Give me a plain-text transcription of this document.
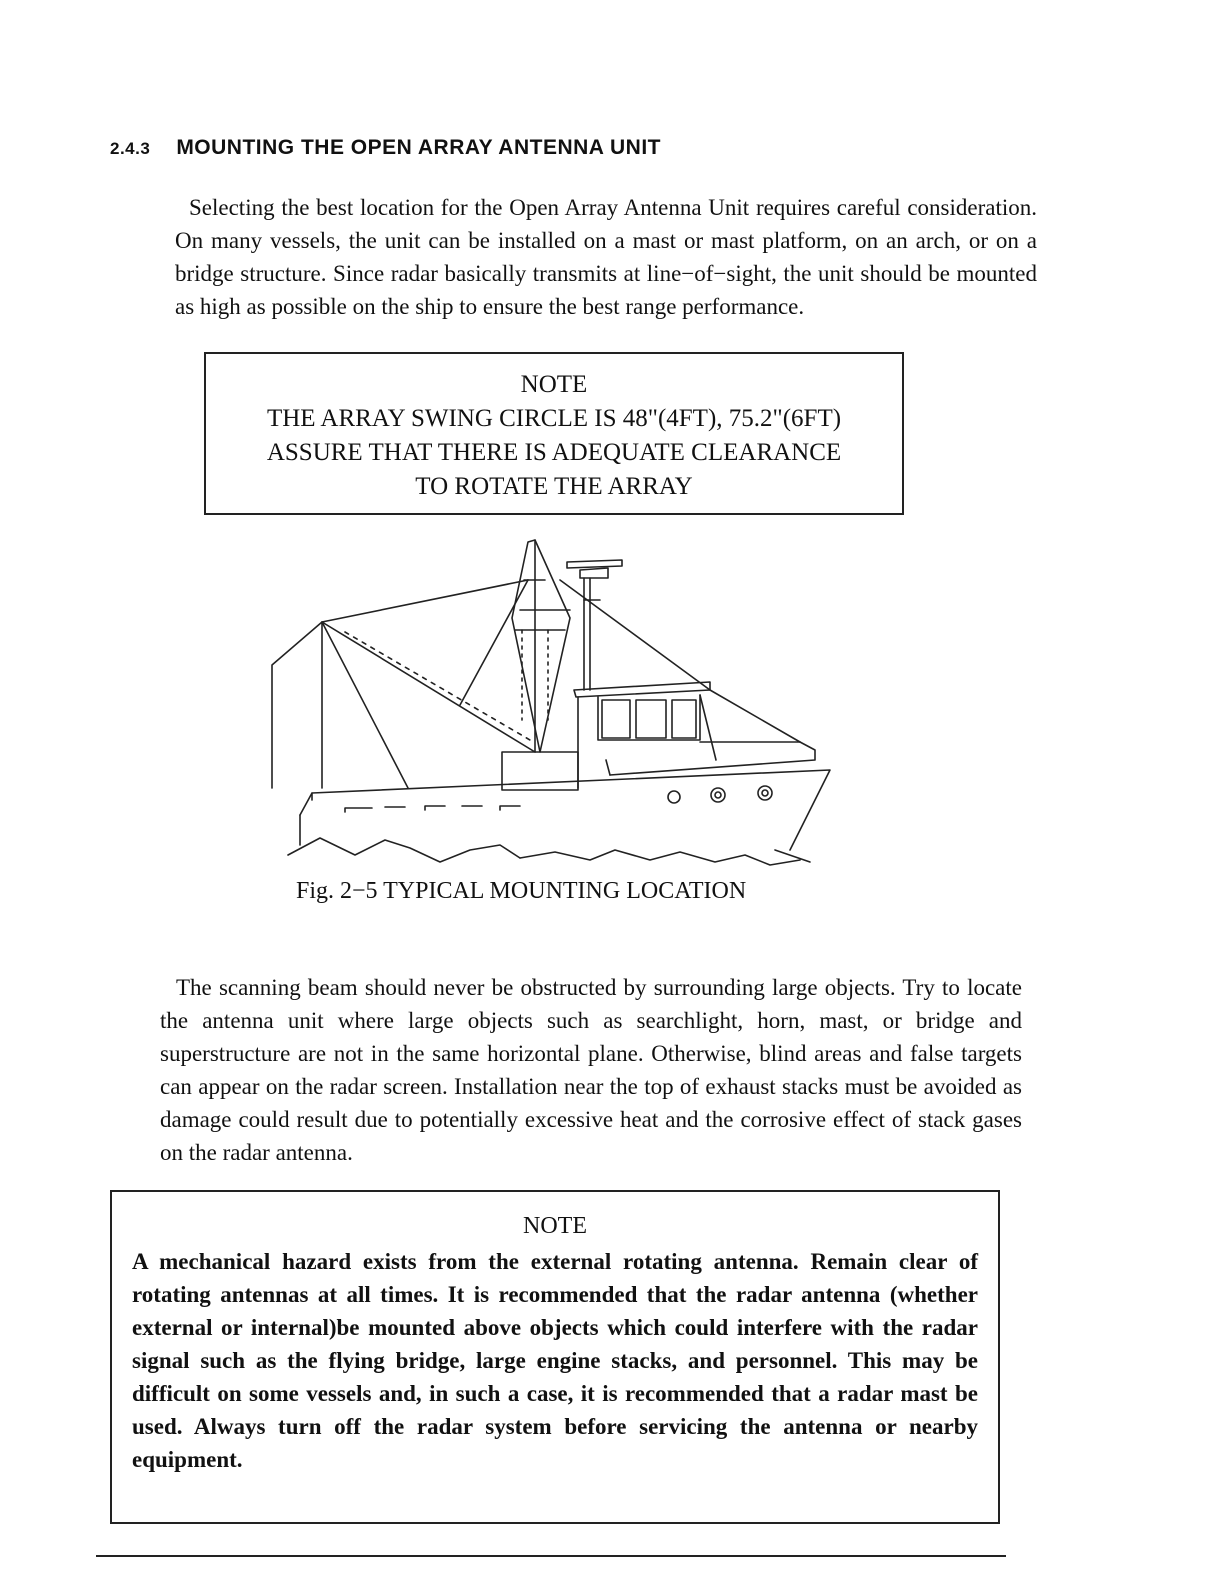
2.4.3 MOUNTING THE OPEN ARRAY ANTENNA UNIT

Selecting the best location for the Open Array Antenna Unit requires careful consideration. On many vessels, the unit can be installed on a mast or mast platform, on an arch, or on a bridge structure. Since radar basically transmits at line−of−sight, the unit should be mounted as high as possible on the ship to ensure the best range performance.

NOTE
THE ARRAY SWING CIRCLE IS 48"(4FT), 75.2"(6FT)
ASSURE THAT THERE IS ADEQUATE CLEARANCE
TO ROTATE THE ARRAY
Fig. 2−5 TYPICAL MOUNTING LOCATION

The scanning beam should never be obstructed by surrounding large objects. Try to locate the antenna unit where large objects such as searchlight, horn, mast, or bridge and superstructure are not in the same horizontal plane. Otherwise, blind areas and false targets can appear on the radar screen. Installation near the top of exhaust stacks must be avoided as damage could result due to potentially excessive heat and the corrosive effect of stack gases on the radar antenna.

NOTE
A mechanical hazard exists from the external rotating antenna. Remain clear of rotating antennas at all times. It is recommended that the radar antenna (whether external or internal)be mounted above objects which could interfere with the radar signal such as the flying bridge, large engine stacks, and personnel. This may be difficult on some vessels and, in such a case, it is recommended that a radar mast be used. Always turn off the radar system before servicing the antenna or nearby equipment.
